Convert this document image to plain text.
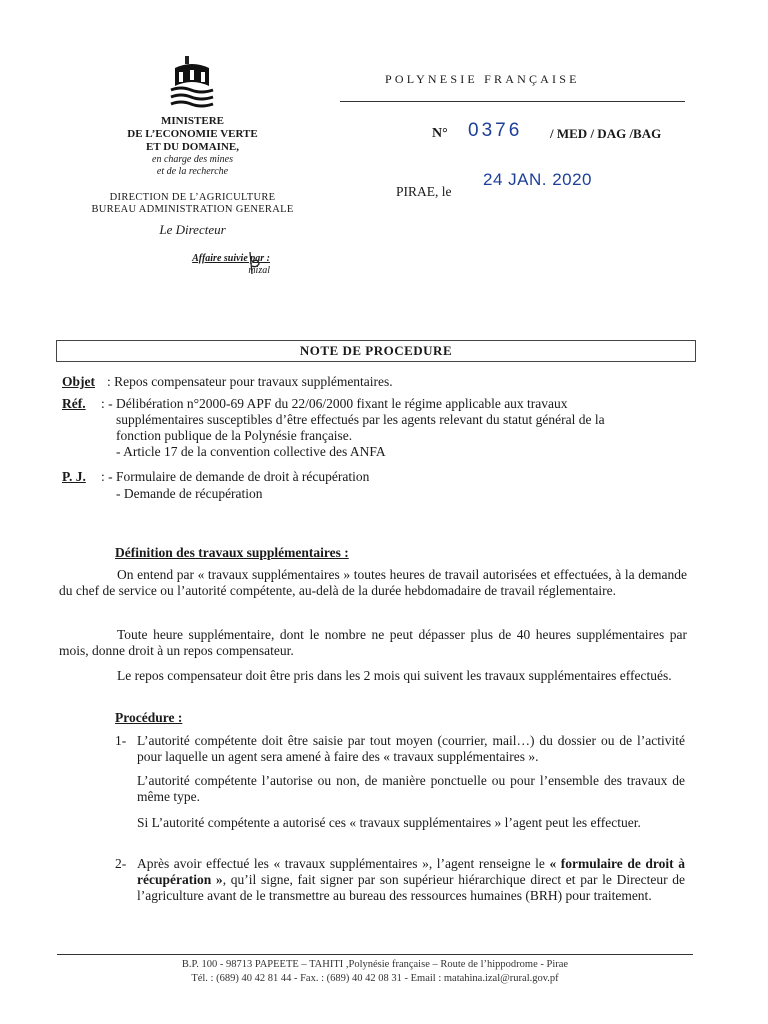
MINISTERE
DE L’ECONOMIE VERTE
ET DU DOMAINE,
en charge des mines
et de la recherche
DIRECTION DE L’AGRICULTURE
BUREAU ADMINISTRATION GENERALE
Le Directeur
Affaire suivie par :
mizal
POLYNESIE FRANÇAISE
N° 0376 / MED / DAG /BAG
PIRAE, le
24 JAN. 2020
NOTE DE PROCEDURE
Objet : Repos compensateur pour travaux supplémentaires.
Réf. : - Délibération n°2000-69 APF du 22/06/2000 fixant le régime applicable aux travaux
supplémentaires susceptibles d’être effectués par les agents relevant du statut général de la
fonction publique de la Polynésie française.
- Article 17 de la convention collective des ANFA
P. J. : - Formulaire de demande de droit à récupération
- Demande de récupération
Définition des travaux supplémentaires :
On entend par « travaux supplémentaires » toutes heures de travail autorisées et effectuées, à la demande du chef de service ou l’autorité compétente, au-delà de la durée hebdomadaire de travail réglementaire.
Toute heure supplémentaire, dont le nombre ne peut dépasser plus de 40 heures supplémentaires par mois, donne droit à un repos compensateur.
Le repos compensateur doit être pris dans les 2 mois qui suivent les travaux supplémentaires effectués.
Procédure :
1- L’autorité compétente doit être saisie par tout moyen (courrier, mail…) du dossier ou de l’activité pour laquelle un agent sera amené à faire des « travaux supplémentaires ».
L’autorité compétente l’autorise ou non, de manière ponctuelle ou pour l’ensemble des travaux de même type.
Si L’autorité compétente a autorisé ces « travaux supplémentaires » l’agent peut les effectuer.
2- Après avoir effectué les « travaux supplémentaires », l’agent renseigne le « formulaire de droit à récupération », qu’il signe, fait signer par son supérieur hiérarchique direct et par le Directeur de l’agriculture avant de le transmettre au bureau des ressources humaines (BRH) pour traitement.
B.P. 100 - 98713 PAPEETE – TAHITI ,Polynésie française – Route de l’hippodrome - Pirae
Tél. : (689) 40 42 81 44 - Fax. : (689) 40 42 08 31 - Email : matahina.izal@rural.gov.pf
